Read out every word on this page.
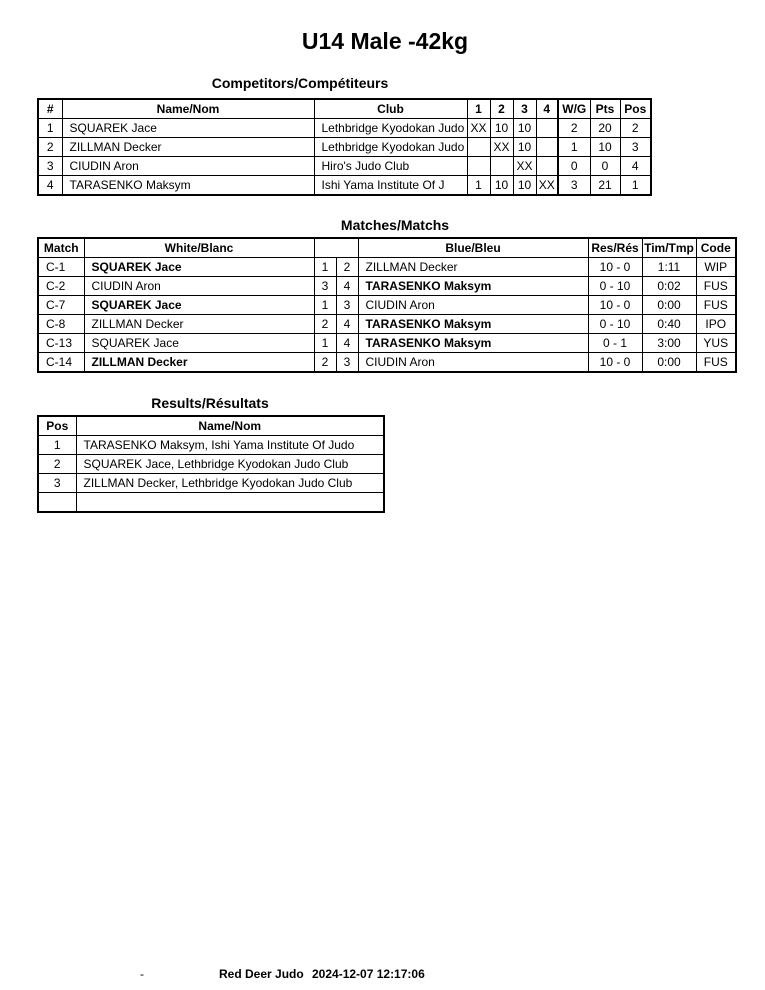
U14 Male -42kg
Competitors/Compétiteurs
#	Name/Nom	Club	1	2	3	4	W/G	Pts	Pos
1	SQUAREK Jace	Lethbridge Kyodokan Judo	XX	10	10		2	20	2
2	ZILLMAN Decker	Lethbridge Kyodokan Judo		XX	10		1	10	3
3	CIUDIN Aron	Hiro's Judo Club			XX		0	0	4
4	TARASENKO Maksym	Ishi Yama Institute Of J	1	10	10	XX	3	21	1
Matches/Matchs
Match	White/Blanc			Blue/Bleu	Res/Rés	Tim/Tmp	Code
C-1	SQUAREK Jace	1	2	ZILLMAN Decker	10 - 0	1:11	WIP
C-2	CIUDIN Aron	3	4	TARASENKO Maksym	0 - 10	0:02	FUS
C-7	SQUAREK Jace	1	3	CIUDIN Aron	10 - 0	0:00	FUS
C-8	ZILLMAN Decker	2	4	TARASENKO Maksym	0 - 10	0:40	IPO
C-13	SQUAREK Jace	1	4	TARASENKO Maksym	0 - 1	3:00	YUS
C-14	ZILLMAN Decker	2	3	CIUDIN Aron	10 - 0	0:00	FUS
Results/Résultats
Pos	Name/Nom
1	TARASENKO Maksym, Ishi Yama Institute Of Judo
2	SQUAREK Jace, Lethbridge Kyodokan Judo Club
3	ZILLMAN Decker, Lethbridge Kyodokan Judo Club

-	Red Deer Judo 2024-12-07 12:17:06
